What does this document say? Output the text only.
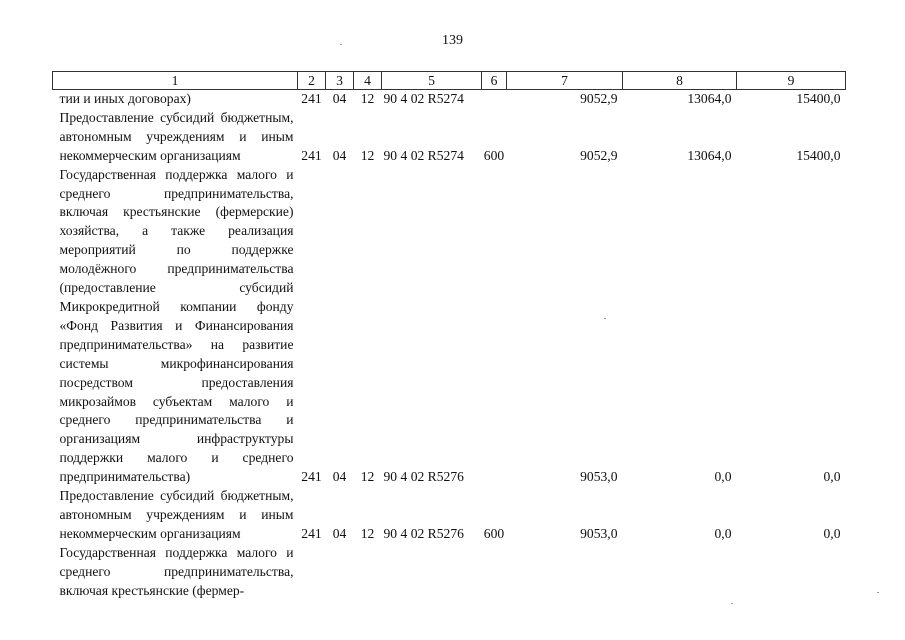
139
1	2	3	4	5	6	7	8	9
тии и иных договорах)	241	04	12	90 4 02 R5274		9052,9	13064,0	15400,0
Предоставление субсидий бюджетным, автономным учреждениям и иным некоммерческим организациям	241	04	12	90 4 02 R5274	600	9052,9	13064,0	15400,0
Государственная поддержка малого и среднего предпринимательства, включая крестьянские (фермерские) хозяйства, а также реализация мероприятий по поддержке молодёжного предпринимательства (предоставление субсидий Микрокредитной компании фонду «Фонд Развития и Финансирования предпринимательства» на развитие системы микрофинансирования посредством предоставления микрозаймов субъектам малого и среднего предпринимательства и организациям инфраструктуры поддержки малого и среднего предпринимательства)	241	04	12	90 4 02 R5276		9053,0	0,0	0,0
Предоставление субсидий бюджетным, автономным учреждениям и иным некоммерческим организациям	241	04	12	90 4 02 R5276	600	9053,0	0,0	0,0
Государственная поддержка малого и среднего предпринимательства, включая крестьянские (фермер-								
